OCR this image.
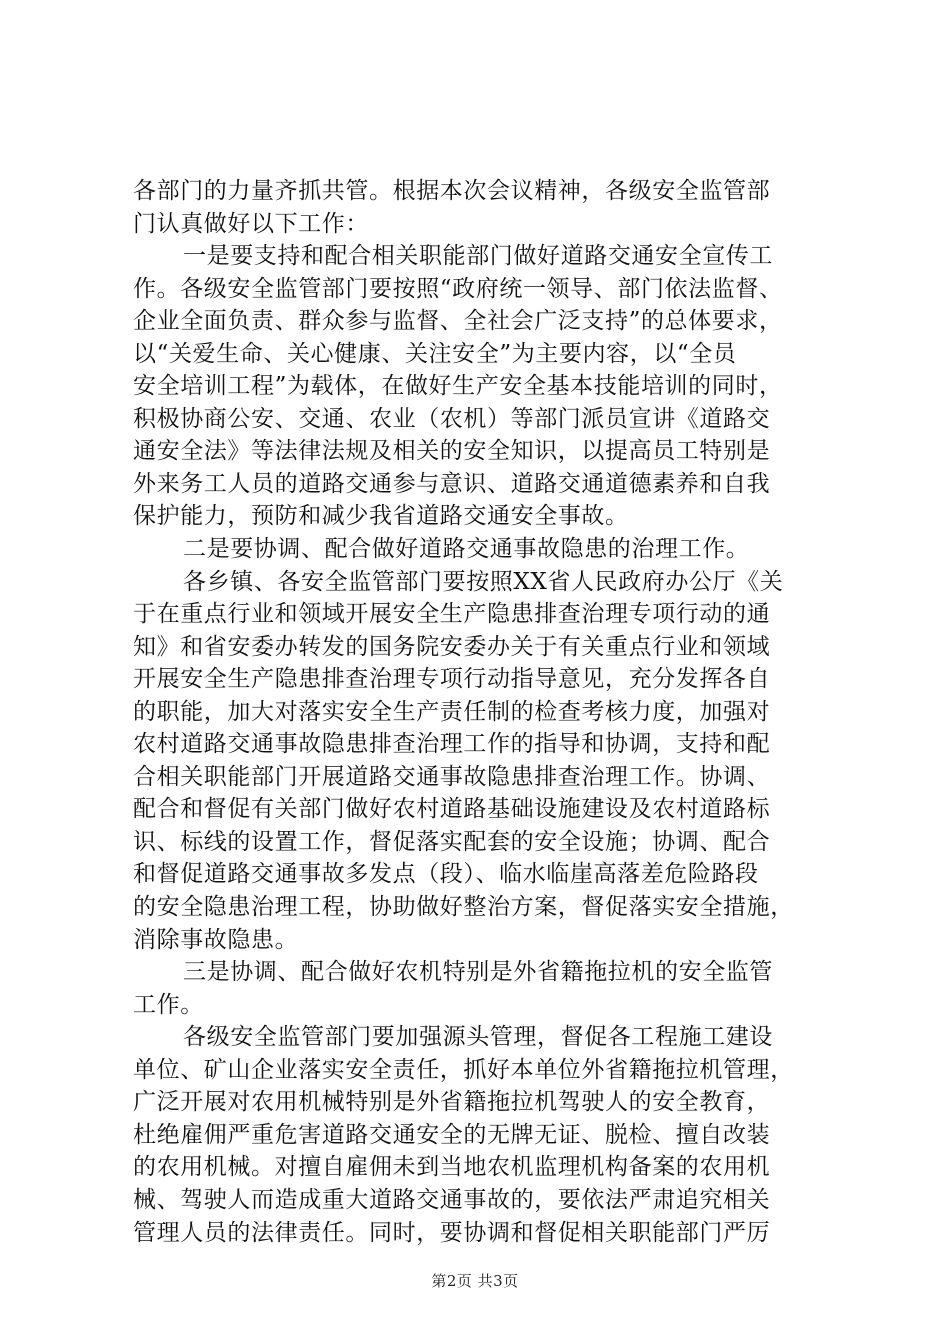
各部门的力量齐抓共管。根据本次会议精神，各级安全监管部
门认真做好以下工作：
一是要支持和配合相关职能部门做好道路交通安全宣传工
作。各级安全监管部门要按照“政府统一领导、部门依法监督、
企业全面负责、群众参与监督、全社会广泛支持”的总体要求，
以“关爱生命、关心健康、关注安全”为主要内容，以“全员
安全培训工程”为载体，在做好生产安全基本技能培训的同时，
积极协商公安、交通、农业（农机）等部门派员宣讲《道路交
通安全法》等法律法规及相关的安全知识，以提高员工特别是
外来务工人员的道路交通参与意识、道路交通道德素养和自我
保护能力，预防和减少我省道路交通安全事故。
二是要协调、配合做好道路交通事故隐患的治理工作。
各乡镇、各安全监管部门要按照XX省人民政府办公厅《关
于在重点行业和领域开展安全生产隐患排查治理专项行动的通
知》和省安委办转发的国务院安委办关于有关重点行业和领域
开展安全生产隐患排查治理专项行动指导意见，充分发挥各自
的职能，加大对落实安全生产责任制的检查考核力度，加强对
农村道路交通事故隐患排查治理工作的指导和协调，支持和配
合相关职能部门开展道路交通事故隐患排查治理工作。协调、
配合和督促有关部门做好农村道路基础设施建设及农村道路标
识、标线的设置工作，督促落实配套的安全设施；协调、配合
和督促道路交通事故多发点（段）、临水临崖高落差危险路段
的安全隐患治理工程，协助做好整治方案，督促落实安全措施，
消除事故隐患。
三是协调、配合做好农机特别是外省籍拖拉机的安全监管
工作。
各级安全监管部门要加强源头管理，督促各工程施工建设
单位、矿山企业落实安全责任，抓好本单位外省籍拖拉机管理，
广泛开展对农用机械特别是外省籍拖拉机驾驶人的安全教育，
杜绝雇佣严重危害道路交通安全的无牌无证、脱检、擅自改装
的农用机械。对擅自雇佣未到当地农机监理机构备案的农用机
械、驾驶人而造成重大道路交通事故的，要依法严肃追究相关
管理人员的法律责任。同时，要协调和督促相关职能部门严厉
第2页 共3页
